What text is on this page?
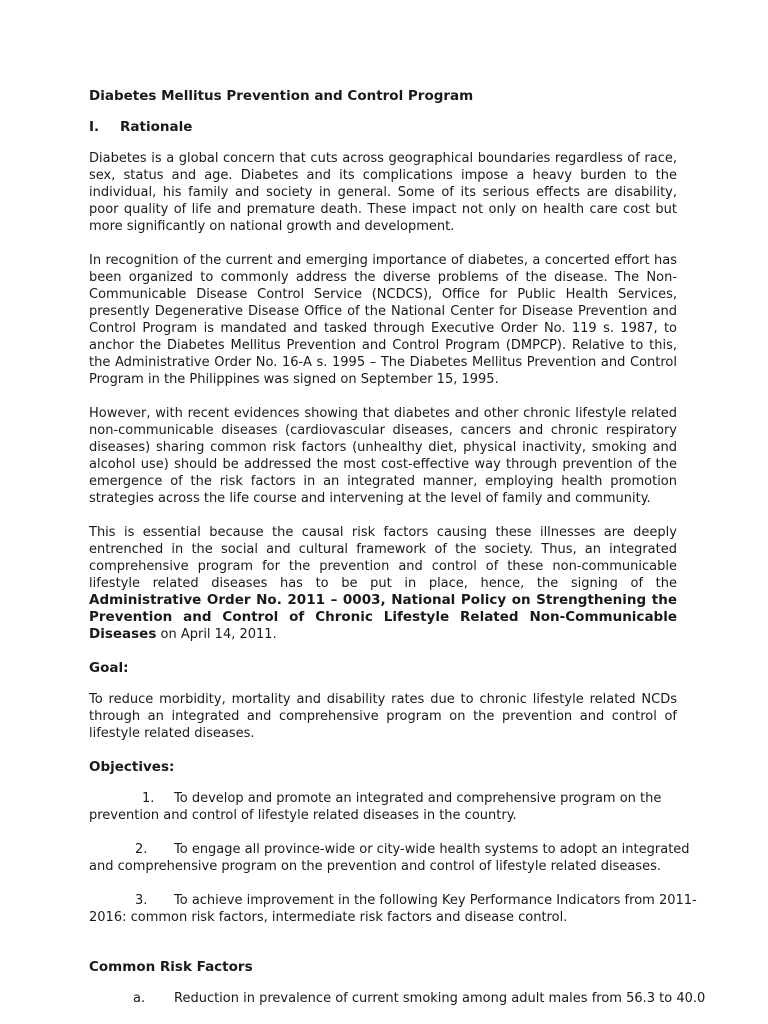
Diabetes Mellitus Prevention and Control Program
I. Rationale

Diabetes is a global concern that cuts across geographical boundaries regardless of race, sex, status and age. Diabetes and its complications impose a heavy burden to the individual, his family and society in general. Some of its serious effects are disability, poor quality of life and premature death. These impact not only on health care cost but more significantly on national growth and development.

In recognition of the current and emerging importance of diabetes, a concerted effort has been organized to commonly address the diverse problems of the disease. The Non-Communicable Disease Control Service (NCDCS), Office for Public Health Services, presently Degenerative Disease Office of the National Center for Disease Prevention and Control Program is mandated and tasked through Executive Order No. 119 s. 1987, to anchor the Diabetes Mellitus Prevention and Control Program (DMPCP). Relative to this, the Administrative Order No. 16-A s. 1995 – The Diabetes Mellitus Prevention and Control Program in the Philippines was signed on September 15, 1995.

However, with recent evidences showing that diabetes and other chronic lifestyle related non-communicable diseases (cardiovascular diseases, cancers and chronic respiratory diseases) sharing common risk factors (unhealthy diet, physical inactivity, smoking and alcohol use) should be addressed the most cost-effective way through prevention of the emergence of the risk factors in an integrated manner, employing health promotion strategies across the life course and intervening at the level of family and community.

This is essential because the causal risk factors causing these illnesses are deeply entrenched in the social and cultural framework of the society. Thus, an integrated comprehensive program for the prevention and control of these non-communicable lifestyle related diseases has to be put in place, hence, the signing of the Administrative Order No. 2011 – 0003, National Policy on Strengthening the Prevention and Control of Chronic Lifestyle Related Non-Communicable Diseases on April 14, 2011.

Goal:

To reduce morbidity, mortality and disability rates due to chronic lifestyle related NCDs through an integrated and comprehensive program on the prevention and control of lifestyle related diseases.

Objectives:
1. To develop and promote an integrated and comprehensive program on the
prevention and control of lifestyle related diseases in the country.
2. To engage all province-wide or city-wide health systems to adopt an integrated
and comprehensive program on the prevention and control of lifestyle related diseases.
3. To achieve improvement in the following Key Performance Indicators from 2011-
2016: common risk factors, intermediate risk factors and disease control.
Common Risk Factors
a. Reduction in prevalence of current smoking among adult males from 56.3 to 40.0
